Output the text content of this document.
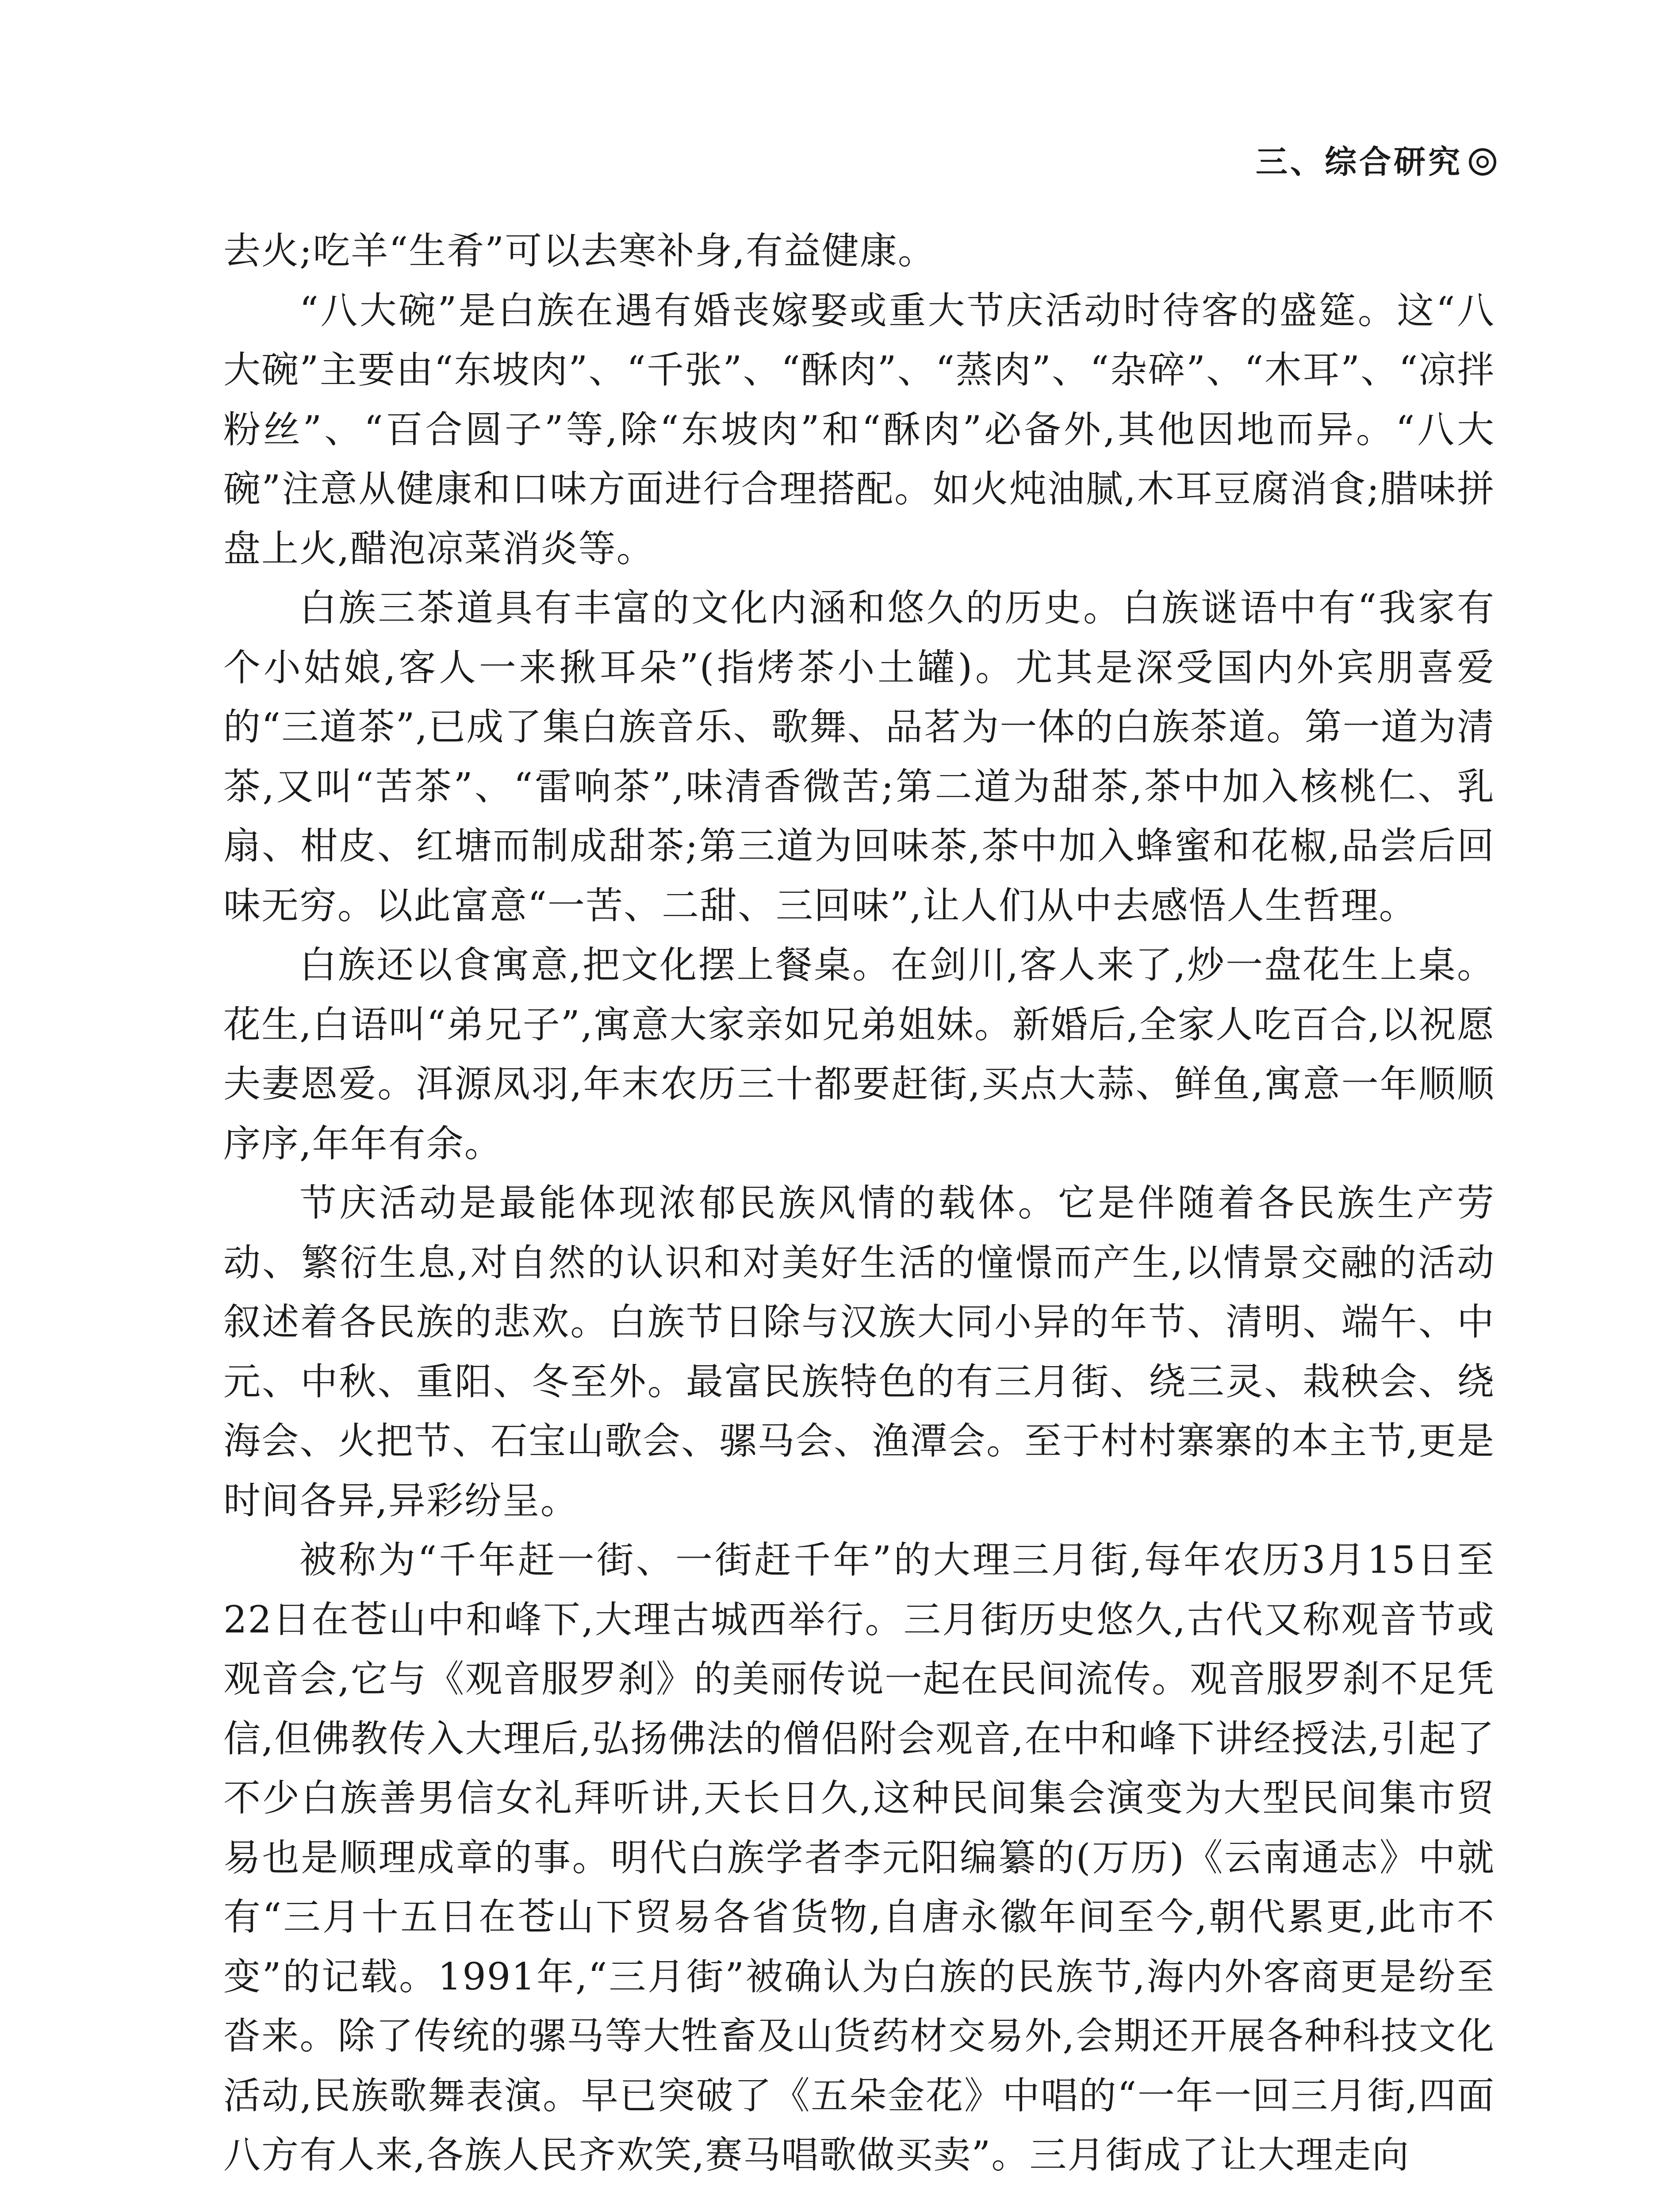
三、综合研究

去火;吃羊“生肴”可以去寒补身,有益健康。

“八大碗”是白族在遇有婚丧嫁娶或重大节庆活动时待客的盛筵。这“八大碗”主要由“东坡肉”、“千张”、“酥肉”、“蒸肉”、“杂碎”、“木耳”、“凉拌粉丝”、“百合圆子”等,除“东坡肉”和“酥肉”必备外,其他因地而异。“八大碗”注意从健康和口味方面进行合理搭配。如火炖油腻,木耳豆腐消食;腊味拼盘上火,醋泡凉菜消炎等。

白族三茶道具有丰富的文化内涵和悠久的历史。白族谜语中有“我家有个小姑娘,客人一来揪耳朵”(指烤茶小土罐)。尤其是深受国内外宾朋喜爱的“三道茶”,已成了集白族音乐、歌舞、品茗为一体的白族茶道。第一道为清茶,又叫“苦茶”、“雷响茶”,味清香微苦;第二道为甜茶,茶中加入核桃仁、乳扇、柑皮、红塘而制成甜茶;第三道为回味茶,茶中加入蜂蜜和花椒,品尝后回味无穷。以此富意“一苦、二甜、三回味”,让人们从中去感悟人生哲理。

白族还以食寓意,把文化摆上餐桌。在剑川,客人来了,炒一盘花生上桌。花生,白语叫“弟兄子”,寓意大家亲如兄弟姐妹。新婚后,全家人吃百合,以祝愿夫妻恩爱。洱源凤羽,年末农历三十都要赶街,买点大蒜、鲜鱼,寓意一年顺顺序序,年年有余。

节庆活动是最能体现浓郁民族风情的载体。它是伴随着各民族生产劳动、繁衍生息,对自然的认识和对美好生活的憧憬而产生,以情景交融的活动叙述着各民族的悲欢。白族节日除与汉族大同小异的年节、清明、端午、中元、中秋、重阳、冬至外。最富民族特色的有三月街、绕三灵、栽秧会、绕海会、火把节、石宝山歌会、骡马会、渔潭会。至于村村寨寨的本主节,更是时间各异,异彩纷呈。

被称为“千年赶一街、一街赶千年”的大理三月街,每年农历3月15日至22日在苍山中和峰下,大理古城西举行。三月街历史悠久,古代又称观音节或观音会,它与《观音服罗刹》的美丽传说一起在民间流传。观音服罗刹不足凭信,但佛教传入大理后,弘扬佛法的僧侣附会观音,在中和峰下讲经授法,引起了不少白族善男信女礼拜听讲,天长日久,这种民间集会演变为大型民间集市贸易也是顺理成章的事。明代白族学者李元阳编纂的(万历)《云南通志》中就有“三月十五日在苍山下贸易各省货物,自唐永徽年间至今,朝代累更,此市不变”的记载。1991年,“三月街”被确认为白族的民族节,海内外客商更是纷至沓来。除了传统的骡马等大牲畜及山货药材交易外,会期还开展各种科技文化活动,民族歌舞表演。早已突破了《五朵金花》中唱的“一年一回三月街,四面八方有人来,各族人民齐欢笑,赛马唱歌做买卖”。三月街成了让大理走向
